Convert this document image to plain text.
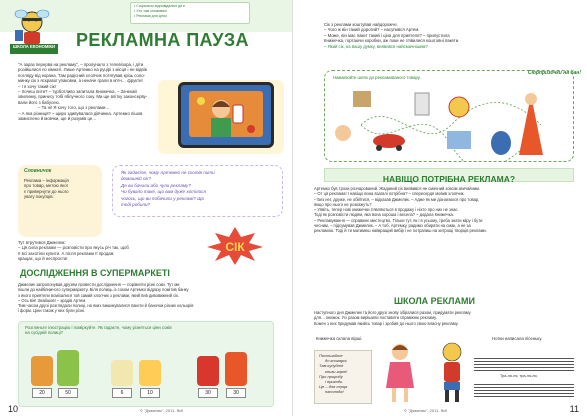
ШКОЛА ЕКОНОМІКИ
• Соціально-відповідальні діти
• Хто такі споживачі
• Реклама для діток
РЕКЛАМНА ПАУЗА
"А зараз перерва на рекламу", – пролунало з телевізора, і діти
розійшлися по кімнаті. Лише Артемко на руцірі з місця і не відвів
погляду від екрана. Там радісний хлопчик потягував крізь соло-
минку сік з яскравої упаковки, а неначе грали в м'яч… фрукти!
– І я хочу такий сік!
– Хочеш пити? – турботливо запитала Книжечка. – Зачекай
хвилинку, принесу тобі яблучного соку. Ми ще влітку законсерву-
вали його з бабусею.
– Та ні! Я хочу того, що з реклами…
– А яка різниця? – щиро здивувалася дівчинка. Артемко пішов
замислено й мовчки, ще й розумів це…
Словничок
Реклама – інформація
про товар, метою якої
є привернути до нього
увагу покупців.
Як гадаєте, чому Артемко не схотів пити
домашній сік?
Де ви бачили або чули рекламу?
Чи бувало таке, що вам дуже хотілося
чогось, що ви побачили у рекламі? Що
тоді робили?
Тут втрутився Джмелик:
– Ця сила реклами — розповісти про якусь річ так, щоб
її всі захотіли купити. А після реклами її продаж
кращає, що й неспроста!
СІК
ДОСЛІДЖЕННЯ В СУПЕРМАРКЕТІ
Джмелик запропонував друзям провести дослідження — порівняти різні соки. Тут ми
пішли до найближчого супермаркету. Біля полиць із соком Артемко відразу помітив банку
з якого приятели всміхалися той самий хлопчик з реклами, який пив дивовижний сік.
– Ось він! Знайшов! – зрадів Артем.
Тим часом друзі розглядали полиці, на яких вишикувалися пакети й баночки різних кольорів
і форм. Ціни також у них були різні.
Розгляньте ілюстрацію і поміркуйте. Як гадаєте, чому різняться ціни соків
на сусідній полиці?
20	50	6	10	30	30
10	© "Джмелик", 2011, №9
Сік з реклами коштував найдорожче.
– Чого ж він такий дорогий? – насупився Артем.
– Може, він має пакет такий і ціна для приятеля? – припустила
Книжечка, гортаючи коробки, аж поки не з'явилися коштовні пакети.
– Який сік, на вашу думку, виявився найсмачнішим?
Намалюйте шлях до рекламованого товару.
Сюрпризочки на бан!
НАВІЩО ПОТРІБНА РЕКЛАМА?
Артемко був трохи розчарований. Жаданий сік виявився не смачний зовсім звичайним.
– От ця реклама! І навіщо вона взагалі потрібна? – спересердя мовив хлопчик.
– Без неї, друже, не обійтися, – відказав Джмелик. – Адже як ми дізнаємося про товар,
якщо про нього не розкажуть?
– Уявіть, тепер нові книжечки з'являються в продажу і ніхто про них не знає.
Тоді як розповісти людям, яка вона хороша і весела? – додала Книжечка.
– Рекламування — справжнє мистецтво. Тільки тут, як і в усьому, треба знати міру і бути
чесним, – підсумував Джмелик. – А тоб, Артемку, радимо обирати на смак, а не за
рекламою. Тоді й ти матимеш найкращий вибір і не потрапиш на хитрощі творців реклами.
ШКОЛА РЕКЛАМИ
Наступного дня Джмелик та його друзі знову зібралися разом, придумати рекламу
для… книжок. Усі разом вирішили поставити справжню рекламу.
Кожен з них придумав якийсь товар і зробив до нього свою власну рекламу.
Книжечка склала вірші.
Поспішайте
до книгарні,
Там купуйте
книги гарні!
Про природу
і пригоди.
Це – для серця
насолода!
Нотки написала пісеньку.
Тра-ля-ля, тра-ля-ля,
© "Джмелик", 2011, №9	11
